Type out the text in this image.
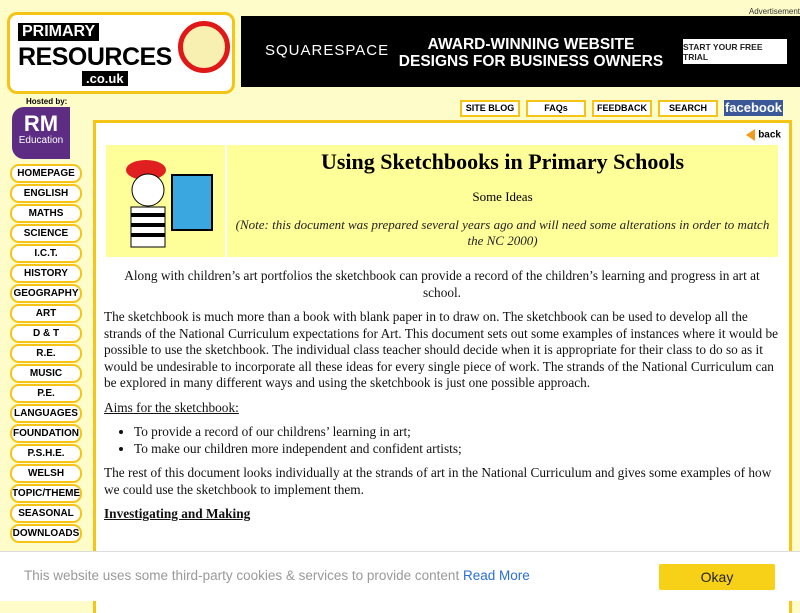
PRIMARY
RESOURCES
.co.uk
Advertisement
SQUARESPACE	AWARD-WINNING WEBSITE
DESIGNS FOR BUSINESS OWNERS
START YOUR FREE TRIAL
Hosted by:
RM
Education
HOMEPAGE
ENGLISH
MATHS
SCIENCE
I.C.T.
HISTORY
GEOGRAPHY
ART
D & T
R.E.
MUSIC
P.E.
LANGUAGES
FOUNDATION
P.S.H.E.
WELSH
TOPIC/THEME
SEASONAL
DOWNLOADS
SITE BLOG	FAQs	FEEDBACK	SEARCH	facebook
back
Using Sketchbooks in Primary Schools
Some Ideas
(Note: this document was prepared several years ago and will need some alterations in order to match the NC 2000)

Along with children’s art portfolios the sketchbook can provide a record of the children’s learning and progress in art at school.

The sketchbook is much more than a book with blank paper in to draw on. The sketchbook can be used to develop all the strands of the National Curriculum expectations for Art. This document sets out some examples of instances where it would be possible to use the sketchbook. The individual class teacher should decide when it is appropriate for their class to do so as it would be undesirable to incorporate all these ideas for every single piece of work. The strands of the National Curriculum can be explored in many different ways and using the sketchbook is just one possible approach.

Aims for the sketchbook:

• To provide a record of our childrens’ learning in art;
• To make our children more independent and confident artists;

The rest of this document looks individually at the strands of art in the National Curriculum and gives some examples of how we could use the sketchbook to implement them.

Investigating and Making

This website uses some third-party cookies & services to provide content Read More	Okay
